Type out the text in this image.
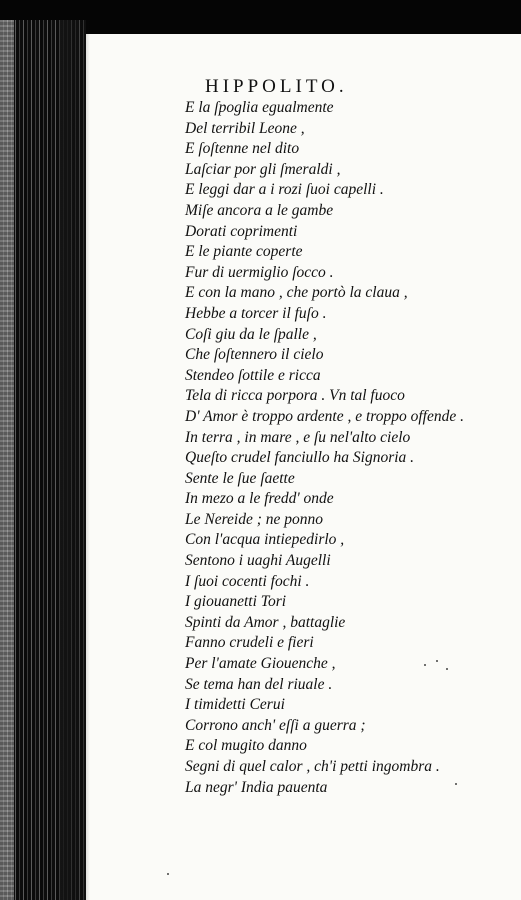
HIPPOLITO.
E la ſpoglia egualmente
Del terribil Leone ,
E ſoſtenne nel dito
Laſciar por gli ſmeraldi ,
E leggi dar a i rozi ſuoi capelli .
Miſe ancora a le gambe
Dorati coprimenti
E le piante coperte
Fur di uermiglio ſocco .
E con la mano , che portò la claua ,
Hebbe a torcer il fuſo .
Coſi giu da le ſpalle ,
Che ſoſtennero il cielo
Stendeo ſottile e ricca
Tela di ricca porpora . Vn tal fuoco
D' Amor è troppo ardente , e troppo offende .
In terra , in mare , e ſu nel'alto cielo
Queſto crudel fanciullo ha Signoria .
Sente le ſue ſaette
In mezo a le fredd' onde
Le Nereide ; ne ponno
Con l'acqua intiepedirlo ,
Sentono i uaghi Augelli
I ſuoi cocenti fochi .
I giouanetti Tori
Spinti da Amor , battaglie
Fanno crudeli e fieri
Per l'amate Giouenche ,
Se tema han del riuale .
I timidetti Cerui
Corrono anch' eſſi a guerra ;
E col mugito danno
Segni di quel calor , ch'i petti ingombra .
La negr' India pauenta
